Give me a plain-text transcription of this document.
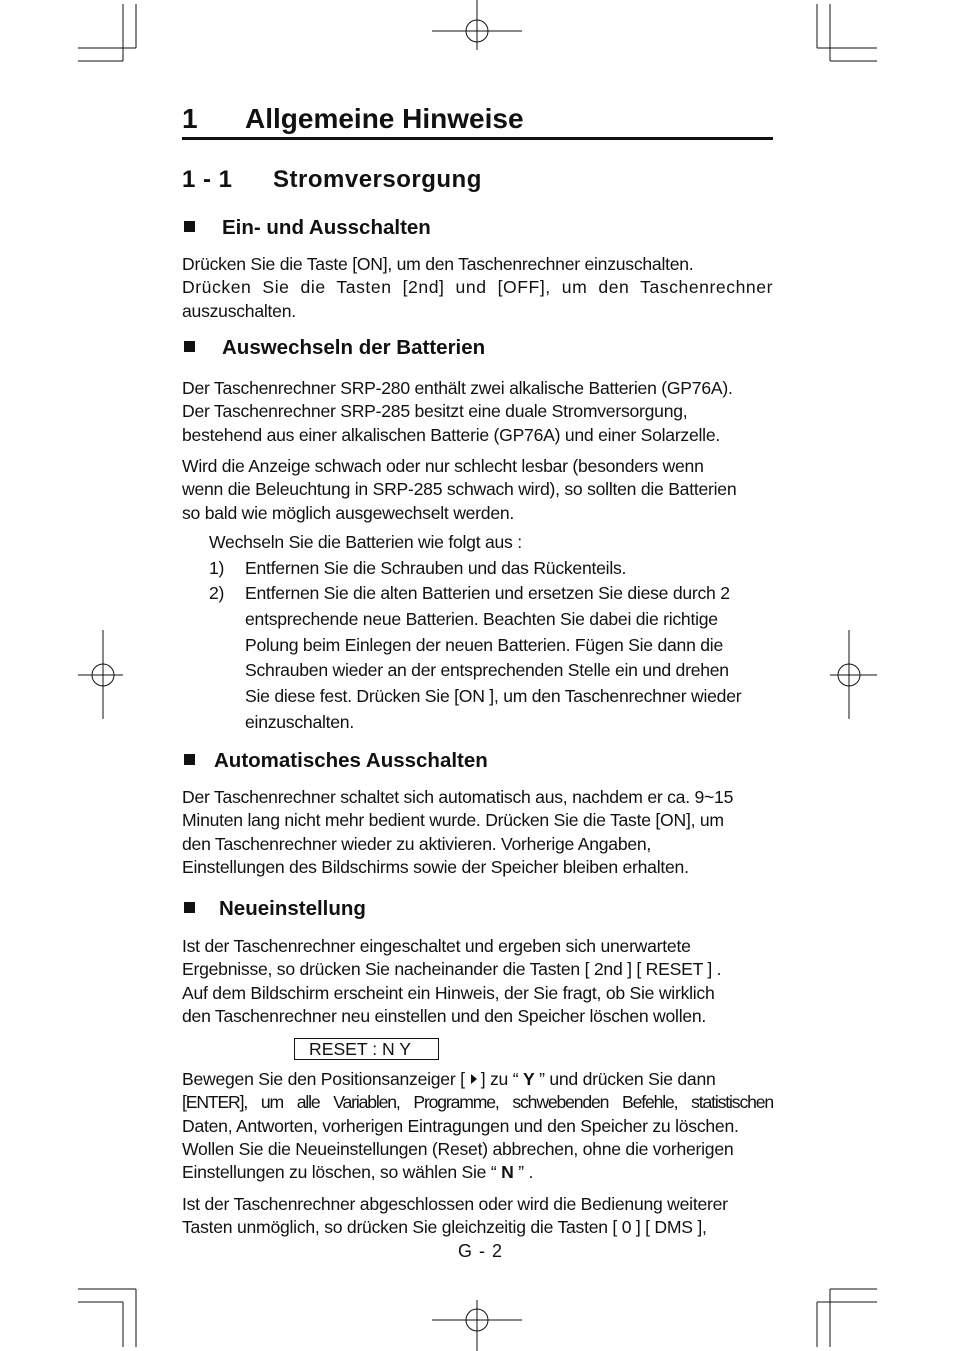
1 Allgemeine Hinweise
1 - 1 Stromversorgung
Ein- und Ausschalten
Drücken Sie die Taste [ON], um den Taschenrechner einzuschalten.
Drücken Sie die Tasten [2nd] und [OFF], um den Taschenrechner
auszuschalten.
Auswechseln der Batterien
Der Taschenrechner SRP-280 enthält zwei alkalische Batterien (GP76A).
Der Taschenrechner SRP-285 besitzt eine duale Stromversorgung,
bestehend aus einer alkalischen Batterie (GP76A) und einer Solarzelle.
Wird die Anzeige schwach oder nur schlecht lesbar (besonders wenn
wenn die Beleuchtung in SRP-285 schwach wird), so sollten die Batterien
so bald wie möglich ausgewechselt werden.
Wechseln Sie die Batterien wie folgt aus :
1) Entfernen Sie die Schrauben und das Rückenteils.
2) Entfernen Sie die alten Batterien und ersetzen Sie diese durch 2
entsprechende neue Batterien. Beachten Sie dabei die richtige
Polung beim Einlegen der neuen Batterien. Fügen Sie dann die
Schrauben wieder an der entsprechenden Stelle ein und drehen
Sie diese fest. Drücken Sie [ON ], um den Taschenrechner wieder
einzuschalten.
Automatisches Ausschalten
Der Taschenrechner schaltet sich automatisch aus, nachdem er ca. 9~15
Minuten lang nicht mehr bedient wurde. Drücken Sie die Taste [ON], um
den Taschenrechner wieder zu aktivieren. Vorherige Angaben,
Einstellungen des Bildschirms sowie der Speicher bleiben erhalten.
Neueinstellung
Ist der Taschenrechner eingeschaltet und ergeben sich unerwartete
Ergebnisse, so drücken Sie nacheinander die Tasten [ 2nd ] [ RESET ] .
Auf dem Bildschirm erscheint ein Hinweis, der Sie fragt, ob Sie wirklich
den Taschenrechner neu einstellen und den Speicher löschen wollen.
RESET : N Y
Bewegen Sie den Positionsanzeiger [ ] zu “ Y ” und drücken Sie dann
[ENTER], um alle Variablen, Programme, schwebenden Befehle, statistischen
Daten, Antworten, vorherigen Eintragungen und den Speicher zu löschen.
Wollen Sie die Neueinstellungen (Reset) abbrechen, ohne die vorherigen
Einstellungen zu löschen, so wählen Sie “ N ” .
Ist der Taschenrechner abgeschlossen oder wird die Bedienung weiterer
Tasten unmöglich, so drücken Sie gleichzeitig die Tasten [ 0 ] [ DMS ],
G - 2
